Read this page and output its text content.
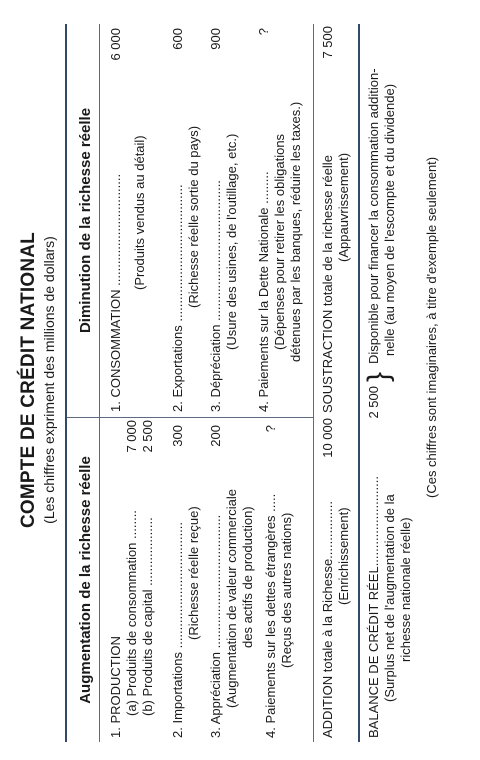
COMPTE DE CRÉDIT NATIONAL (Les chiffres expriment des millions de dollars)
Augmentation de la richesse réelle
Diminution de la richesse réelle
1. PRODUCTION (a) Produits de consommation ........
7 000
(b) Produits de capital ...................
2 500
2. Importations ...................................
300
(Richesse réelle reçue) 3. Appréciation .....................................
200
(Augmentation de valeur commerciale des actifs de production) 4. Paiements sur les dettes étrangères .....
?
(Reçus des autres nations)
1. CONSOMMATION ...............................
6 000
(Produits vendus au détail) 2. Exportations ......................................
600
(Richesse réelle sortie du pays) 3. Dépréciation .......................................
900
(Usure des usines, de l'outillage, etc.) 4. Paiements sur la Dette Nationale .........
?
(Dépenses pour retirer les obligations détenues par les banques, réduire les taxes.)
ADDITION totale à la Richesse................
10 000
(Enrichissement)
SOUSTRACTION totale de la richesse réelle
7 500
(Appauvrissement)
BALANCE DE CRÉDIT RÉEL.........................
2 500
(Surplus net de l'augmentation de la richesse nationale réelle)
}
Disponible pour financer la consommation addition- nelle (au moyen de l'escompte et du dividende) (Ces chiffres sont imaginaires, à titre d'exemple seulement)
